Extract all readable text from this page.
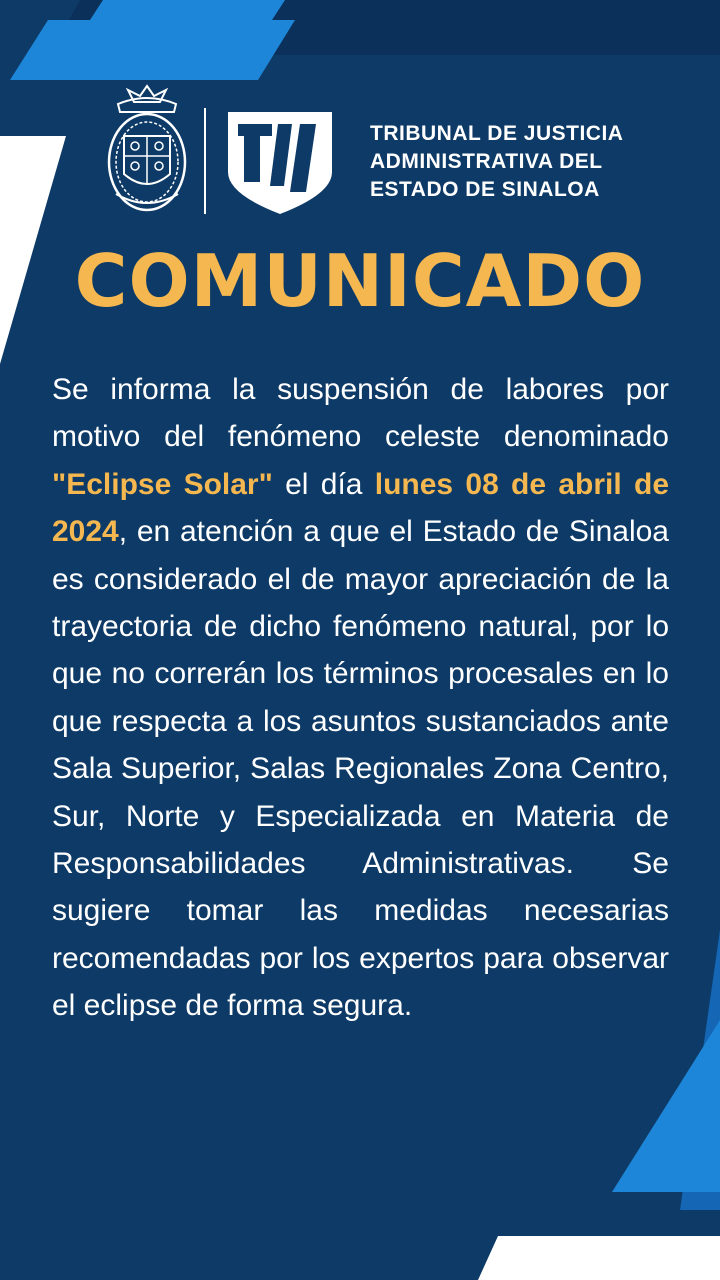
TRIBUNAL DE JUSTICIA
ADMINISTRATIVA DEL
ESTADO DE SINALOA
COMUNICADO

Se informa la suspensión de labores por motivo del fenómeno celeste denominado "Eclipse Solar" el día lunes 08 de abril de 2024, en atención a que el Estado de Sinaloa es considerado el de mayor apreciación de la trayectoria de dicho fenómeno natural, por lo que no correrán los términos procesales en lo que respecta a los asuntos sustanciados ante Sala Superior, Salas Regionales Zona Centro, Sur, Norte y Especializada en Materia de Responsabilidades Administrativas. Se sugiere tomar las medidas necesarias recomendadas por los expertos para observar el eclipse de forma segura.
